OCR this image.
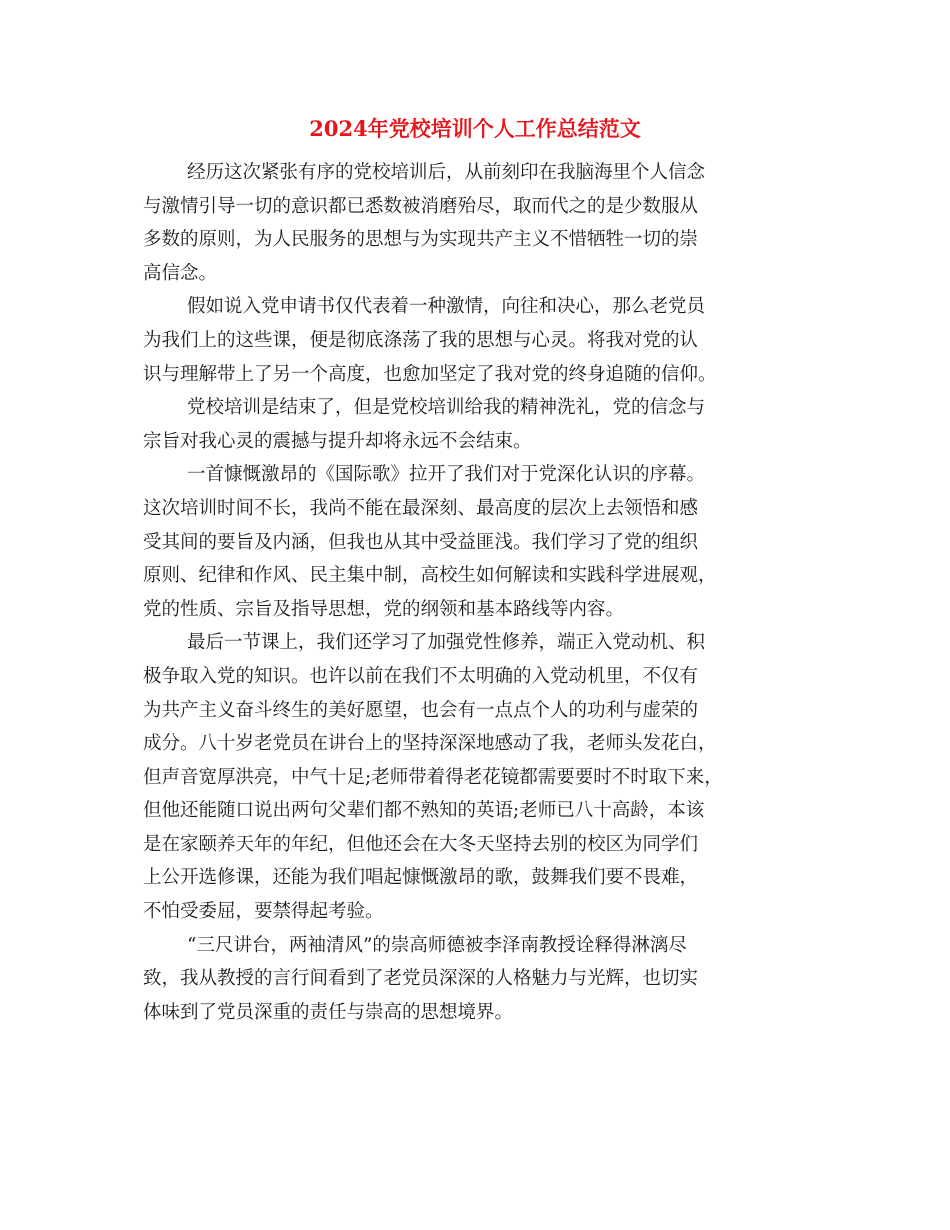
2024年党校培训个人工作总结范文

经历这次紧张有序的党校培训后，从前刻印在我脑海里个人信念
与激情引导一切的意识都已悉数被消磨殆尽，取而代之的是少数服从
多数的原则，为人民服务的思想与为实现共产主义不惜牺牲一切的崇
高信念。

假如说入党申请书仅代表着一种激情，向往和决心，那么老党员
为我们上的这些课，便是彻底涤荡了我的思想与心灵。将我对党的认
识与理解带上了另一个高度，也愈加坚定了我对党的终身追随的信仰。

党校培训是结束了，但是党校培训给我的精神洗礼，党的信念与
宗旨对我心灵的震撼与提升却将永远不会结束。

一首慷慨激昂的《国际歌》拉开了我们对于党深化认识的序幕。
这次培训时间不长，我尚不能在最深刻、最高度的层次上去领悟和感
受其间的要旨及内涵，但我也从其中受益匪浅。我们学习了党的组织
原则、纪律和作风、民主集中制，高校生如何解读和实践科学进展观，
党的性质、宗旨及指导思想，党的纲领和基本路线等内容。

最后一节课上，我们还学习了加强党性修养，端正入党动机、积
极争取入党的知识。也许以前在我们不太明确的入党动机里，不仅有
为共产主义奋斗终生的美好愿望，也会有一点点个人的功利与虚荣的
成分。八十岁老党员在讲台上的坚持深深地感动了我，老师头发花白，
但声音宽厚洪亮，中气十足;老师带着得老花镜都需要要时不时取下来，
但他还能随口说出两句父辈们都不熟知的英语;老师已八十高龄，本该
是在家颐养天年的年纪，但他还会在大冬天坚持去别的校区为同学们
上公开选修课，还能为我们唱起慷慨激昂的歌，鼓舞我们要不畏难，
不怕受委屈，要禁得起考验。

“三尺讲台，两袖清风”的崇高师德被李泽南教授诠释得淋漓尽
致，我从教授的言行间看到了老党员深深的人格魅力与光辉，也切实
体味到了党员深重的责任与崇高的思想境界。
